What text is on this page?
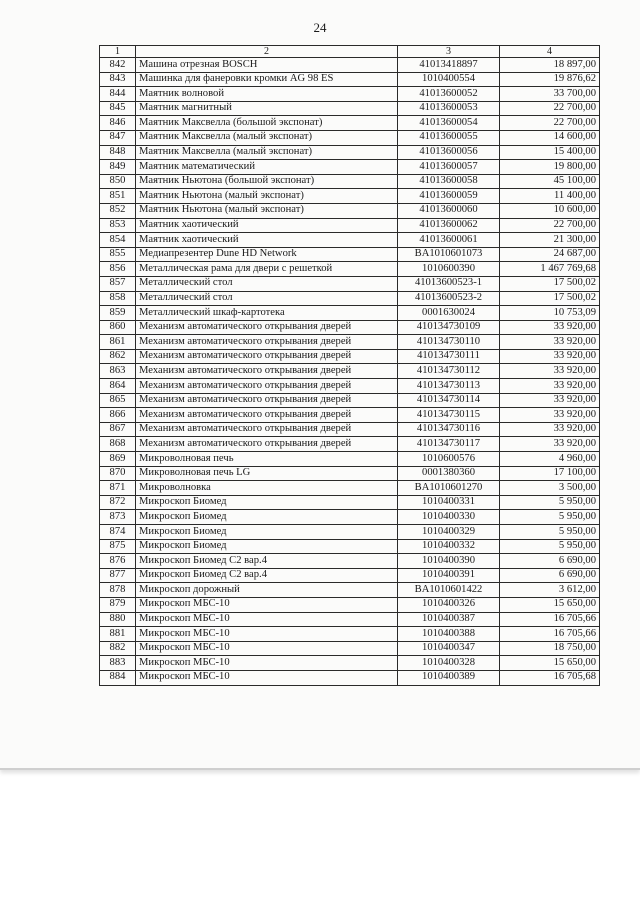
24
1	2	3	4
842	Машина отрезная BOSCH	41013418897	18 897,00
843	Машинка для фанеровки кромки AG 98 ES	1010400554	19 876,62
844	Маятник волновой	41013600052	33 700,00
845	Маятник магнитный	41013600053	22 700,00
846	Маятник Максвелла (большой экспонат)	41013600054	22 700,00
847	Маятник Максвелла (малый экспонат)	41013600055	14 600,00
848	Маятник Максвелла (малый экспонат)	41013600056	15 400,00
849	Маятник математический	41013600057	19 800,00
850	Маятник Ньютона (большой экспонат)	41013600058	45 100,00
851	Маятник Ньютона (малый экспонат)	41013600059	11 400,00
852	Маятник Ньютона (малый экспонат)	41013600060	10 600,00
853	Маятник хаотический	41013600062	22 700,00
854	Маятник хаотический	41013600061	21 300,00
855	Медиапрезентер Dune HD Network	BA1010601073	24 687,00
856	Металлическая рама для двери с решеткой	1010600390	1 467 769,68
857	Металлический стол	41013600523-1	17 500,02
858	Металлический стол	41013600523-2	17 500,02
859	Металлический шкаф-картотека	0001630024	10 753,09
860	Механизм автоматического открывания дверей	410134730109	33 920,00
861	Механизм автоматического открывания дверей	410134730110	33 920,00
862	Механизм автоматического открывания дверей	410134730111	33 920,00
863	Механизм автоматического открывания дверей	410134730112	33 920,00
864	Механизм автоматического открывания дверей	410134730113	33 920,00
865	Механизм автоматического открывания дверей	410134730114	33 920,00
866	Механизм автоматического открывания дверей	410134730115	33 920,00
867	Механизм автоматического открывания дверей	410134730116	33 920,00
868	Механизм автоматического открывания дверей	410134730117	33 920,00
869	Микроволновая печь	1010600576	4 960,00
870	Микроволновая печь LG	0001380360	17 100,00
871	Микроволновка	BA1010601270	3 500,00
872	Микроскоп Биомед	1010400331	5 950,00
873	Микроскоп Биомед	1010400330	5 950,00
874	Микроскоп Биомед	1010400329	5 950,00
875	Микроскоп Биомед	1010400332	5 950,00
876	Микроскоп Биомед С2 вар.4	1010400390	6 690,00
877	Микроскоп Биомед С2 вар.4	1010400391	6 690,00
878	Микроскоп дорожный	BA1010601422	3 612,00
879	Микроскоп МБС-10	1010400326	15 650,00
880	Микроскоп МБС-10	1010400387	16 705,66
881	Микроскоп МБС-10	1010400388	16 705,66
882	Микроскоп МБС-10	1010400347	18 750,00
883	Микроскоп МБС-10	1010400328	15 650,00
884	Микроскоп МБС-10	1010400389	16 705,68
